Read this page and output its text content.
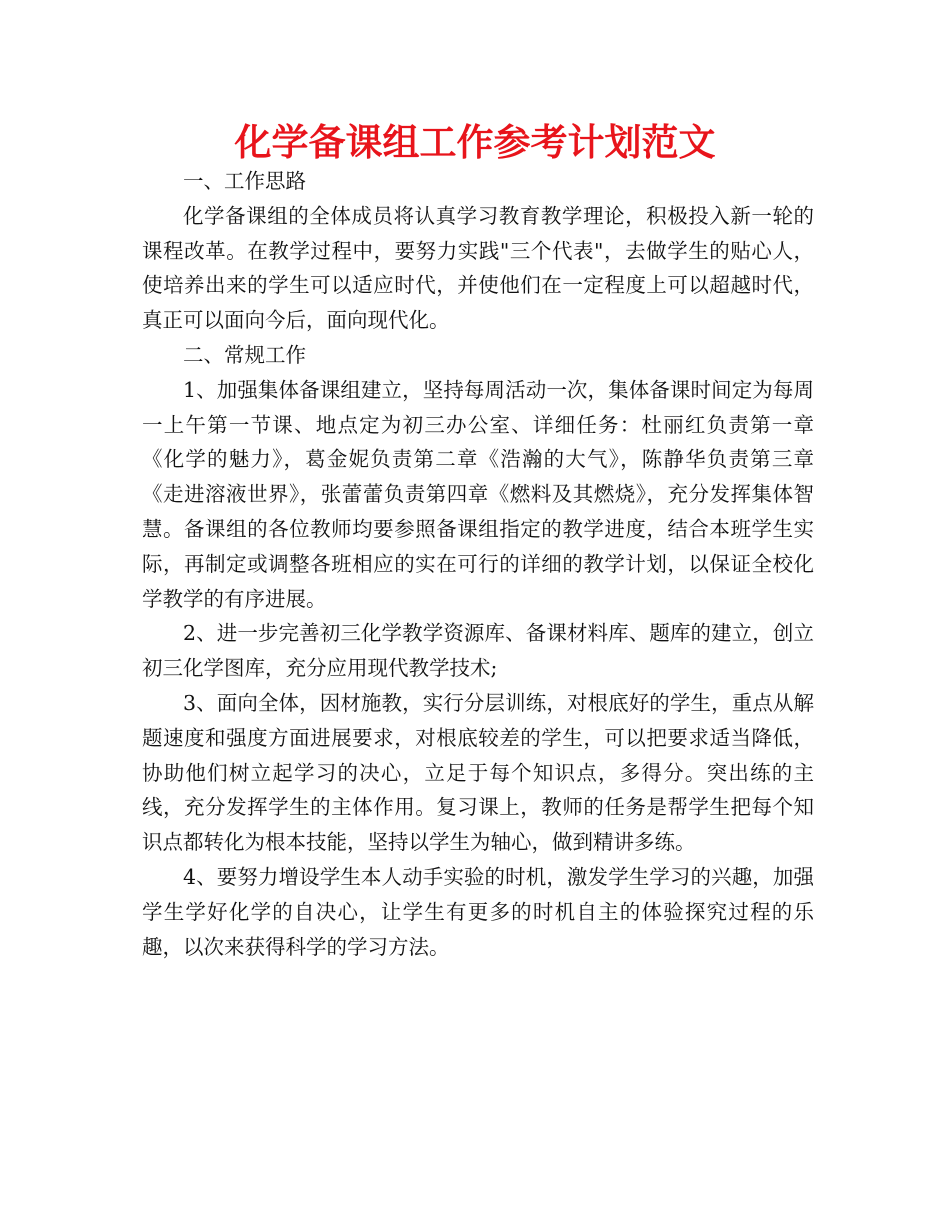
化学备课组工作参考计划范文

一、工作思路

化学备课组的全体成员将认真学习教育教学理论，积极投入新一轮的课程改革。在教学过程中，要努力实践"三个代表"，去做学生的贴心人，使培养出来的学生可以适应时代，并使他们在一定程度上可以超越时代，真正可以面向今后，面向现代化。

二、常规工作

1、加强集体备课组建立，坚持每周活动一次，集体备课时间定为每周一上午第一节课、地点定为初三办公室、详细任务：杜丽红负责第一章《化学的魅力》，葛金妮负责第二章《浩瀚的大气》，陈静华负责第三章《走进溶液世界》，张蕾蕾负责第四章《燃料及其燃烧》，充分发挥集体智慧。备课组的各位教师均要参照备课组指定的教学进度，结合本班学生实际，再制定或调整各班相应的实在可行的详细的教学计划，以保证全校化学教学的有序进展。

2、进一步完善初三化学教学资源库、备课材料库、题库的建立，创立初三化学图库，充分应用现代教学技术;

3、面向全体，因材施教，实行分层训练，对根底好的学生，重点从解题速度和强度方面进展要求，对根底较差的学生，可以把要求适当降低，协助他们树立起学习的决心，立足于每个知识点，多得分。突出练的主线，充分发挥学生的主体作用。复习课上，教师的任务是帮学生把每个知识点都转化为根本技能，坚持以学生为轴心，做到精讲多练。

4、要努力增设学生本人动手实验的时机，激发学生学习的兴趣，加强学生学好化学的自决心，让学生有更多的时机自主的体验探究过程的乐趣，以次来获得科学的学习方法。
